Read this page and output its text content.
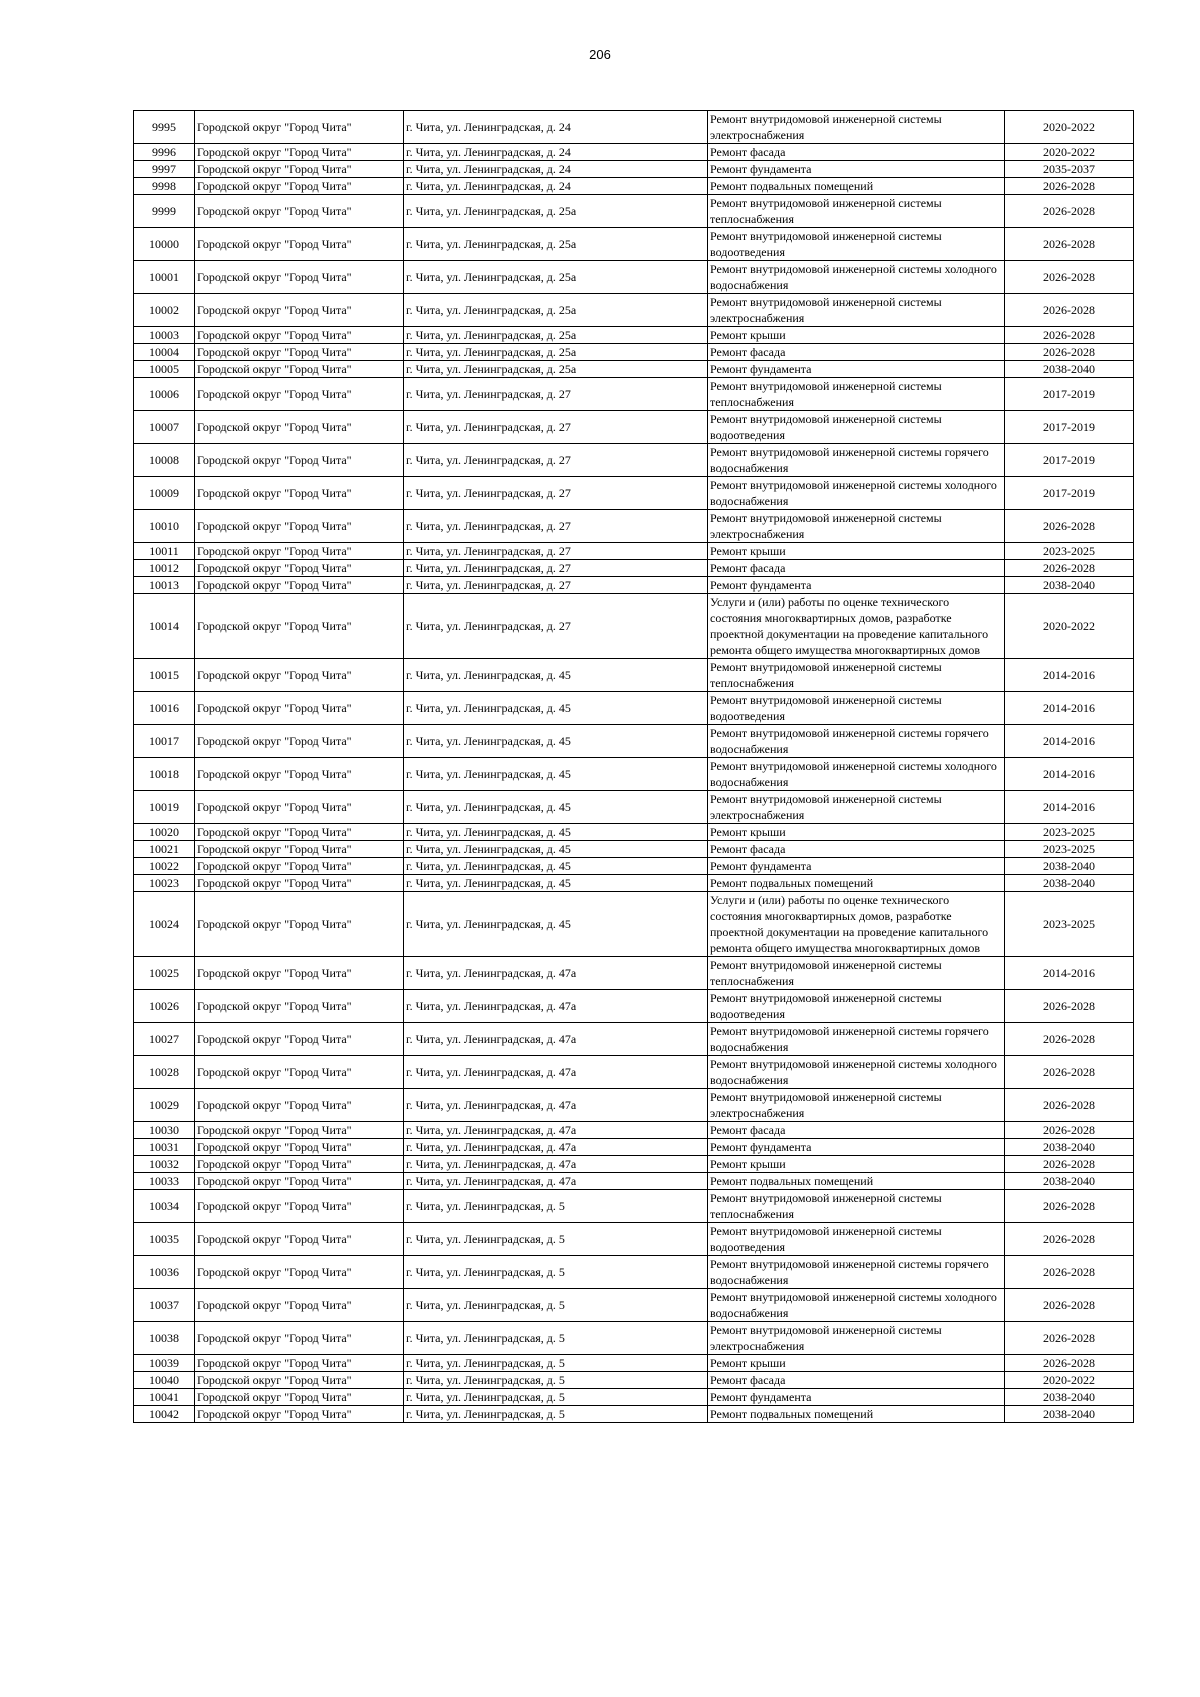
206
9995	Городской округ "Город Чита"	г. Чита, ул. Ленинградская, д. 24	Ремонт внутридомовой инженерной системы электроснабжения	2020-2022
9996	Городской округ "Город Чита"	г. Чита, ул. Ленинградская, д. 24	Ремонт фасада	2020-2022
9997	Городской округ "Город Чита"	г. Чита, ул. Ленинградская, д. 24	Ремонт фундамента	2035-2037
9998	Городской округ "Город Чита"	г. Чита, ул. Ленинградская, д. 24	Ремонт подвальных помещений	2026-2028
9999	Городской округ "Город Чита"	г. Чита, ул. Ленинградская, д. 25а	Ремонт внутридомовой инженерной системы теплоснабжения	2026-2028
10000	Городской округ "Город Чита"	г. Чита, ул. Ленинградская, д. 25а	Ремонт внутридомовой инженерной системы водоотведения	2026-2028
10001	Городской округ "Город Чита"	г. Чита, ул. Ленинградская, д. 25а	Ремонт внутридомовой инженерной системы холодного водоснабжения	2026-2028
10002	Городской округ "Город Чита"	г. Чита, ул. Ленинградская, д. 25а	Ремонт внутридомовой инженерной системы электроснабжения	2026-2028
10003	Городской округ "Город Чита"	г. Чита, ул. Ленинградская, д. 25а	Ремонт крыши	2026-2028
10004	Городской округ "Город Чита"	г. Чита, ул. Ленинградская, д. 25а	Ремонт фасада	2026-2028
10005	Городской округ "Город Чита"	г. Чита, ул. Ленинградская, д. 25а	Ремонт фундамента	2038-2040
10006	Городской округ "Город Чита"	г. Чита, ул. Ленинградская, д. 27	Ремонт внутридомовой инженерной системы теплоснабжения	2017-2019
10007	Городской округ "Город Чита"	г. Чита, ул. Ленинградская, д. 27	Ремонт внутридомовой инженерной системы водоотведения	2017-2019
10008	Городской округ "Город Чита"	г. Чита, ул. Ленинградская, д. 27	Ремонт внутридомовой инженерной системы горячего водоснабжения	2017-2019
10009	Городской округ "Город Чита"	г. Чита, ул. Ленинградская, д. 27	Ремонт внутридомовой инженерной системы холодного водоснабжения	2017-2019
10010	Городской округ "Город Чита"	г. Чита, ул. Ленинградская, д. 27	Ремонт внутридомовой инженерной системы электроснабжения	2026-2028
10011	Городской округ "Город Чита"	г. Чита, ул. Ленинградская, д. 27	Ремонт крыши	2023-2025
10012	Городской округ "Город Чита"	г. Чита, ул. Ленинградская, д. 27	Ремонт фасада	2026-2028
10013	Городской округ "Город Чита"	г. Чита, ул. Ленинградская, д. 27	Ремонт фундамента	2038-2040
10014	Городской округ "Город Чита"	г. Чита, ул. Ленинградская, д. 27	Услуги и (или) работы по оценке технического состояния многоквартирных домов, разработке проектной документации на проведение капитального ремонта общего имущества многоквартирных домов	2020-2022
10015	Городской округ "Город Чита"	г. Чита, ул. Ленинградская, д. 45	Ремонт внутридомовой инженерной системы теплоснабжения	2014-2016
10016	Городской округ "Город Чита"	г. Чита, ул. Ленинградская, д. 45	Ремонт внутридомовой инженерной системы водоотведения	2014-2016
10017	Городской округ "Город Чита"	г. Чита, ул. Ленинградская, д. 45	Ремонт внутридомовой инженерной системы горячего водоснабжения	2014-2016
10018	Городской округ "Город Чита"	г. Чита, ул. Ленинградская, д. 45	Ремонт внутридомовой инженерной системы холодного водоснабжения	2014-2016
10019	Городской округ "Город Чита"	г. Чита, ул. Ленинградская, д. 45	Ремонт внутридомовой инженерной системы электроснабжения	2014-2016
10020	Городской округ "Город Чита"	г. Чита, ул. Ленинградская, д. 45	Ремонт крыши	2023-2025
10021	Городской округ "Город Чита"	г. Чита, ул. Ленинградская, д. 45	Ремонт фасада	2023-2025
10022	Городской округ "Город Чита"	г. Чита, ул. Ленинградская, д. 45	Ремонт фундамента	2038-2040
10023	Городской округ "Город Чита"	г. Чита, ул. Ленинградская, д. 45	Ремонт подвальных помещений	2038-2040
10024	Городской округ "Город Чита"	г. Чита, ул. Ленинградская, д. 45	Услуги и (или) работы по оценке технического состояния многоквартирных домов, разработке проектной документации на проведение капитального ремонта общего имущества многоквартирных домов	2023-2025
10025	Городской округ "Город Чита"	г. Чита, ул. Ленинградская, д. 47а	Ремонт внутридомовой инженерной системы теплоснабжения	2014-2016
10026	Городской округ "Город Чита"	г. Чита, ул. Ленинградская, д. 47а	Ремонт внутридомовой инженерной системы водоотведения	2026-2028
10027	Городской округ "Город Чита"	г. Чита, ул. Ленинградская, д. 47а	Ремонт внутридомовой инженерной системы горячего водоснабжения	2026-2028
10028	Городской округ "Город Чита"	г. Чита, ул. Ленинградская, д. 47а	Ремонт внутридомовой инженерной системы холодного водоснабжения	2026-2028
10029	Городской округ "Город Чита"	г. Чита, ул. Ленинградская, д. 47а	Ремонт внутридомовой инженерной системы электроснабжения	2026-2028
10030	Городской округ "Город Чита"	г. Чита, ул. Ленинградская, д. 47а	Ремонт фасада	2026-2028
10031	Городской округ "Город Чита"	г. Чита, ул. Ленинградская, д. 47а	Ремонт фундамента	2038-2040
10032	Городской округ "Город Чита"	г. Чита, ул. Ленинградская, д. 47а	Ремонт крыши	2026-2028
10033	Городской округ "Город Чита"	г. Чита, ул. Ленинградская, д. 47а	Ремонт подвальных помещений	2038-2040
10034	Городской округ "Город Чита"	г. Чита, ул. Ленинградская, д. 5	Ремонт внутридомовой инженерной системы теплоснабжения	2026-2028
10035	Городской округ "Город Чита"	г. Чита, ул. Ленинградская, д. 5	Ремонт внутридомовой инженерной системы водоотведения	2026-2028
10036	Городской округ "Город Чита"	г. Чита, ул. Ленинградская, д. 5	Ремонт внутридомовой инженерной системы горячего водоснабжения	2026-2028
10037	Городской округ "Город Чита"	г. Чита, ул. Ленинградская, д. 5	Ремонт внутридомовой инженерной системы холодного водоснабжения	2026-2028
10038	Городской округ "Город Чита"	г. Чита, ул. Ленинградская, д. 5	Ремонт внутридомовой инженерной системы электроснабжения	2026-2028
10039	Городской округ "Город Чита"	г. Чита, ул. Ленинградская, д. 5	Ремонт крыши	2026-2028
10040	Городской округ "Город Чита"	г. Чита, ул. Ленинградская, д. 5	Ремонт фасада	2020-2022
10041	Городской округ "Город Чита"	г. Чита, ул. Ленинградская, д. 5	Ремонт фундамента	2038-2040
10042	Городской округ "Город Чита"	г. Чита, ул. Ленинградская, д. 5	Ремонт подвальных помещений	2038-2040
